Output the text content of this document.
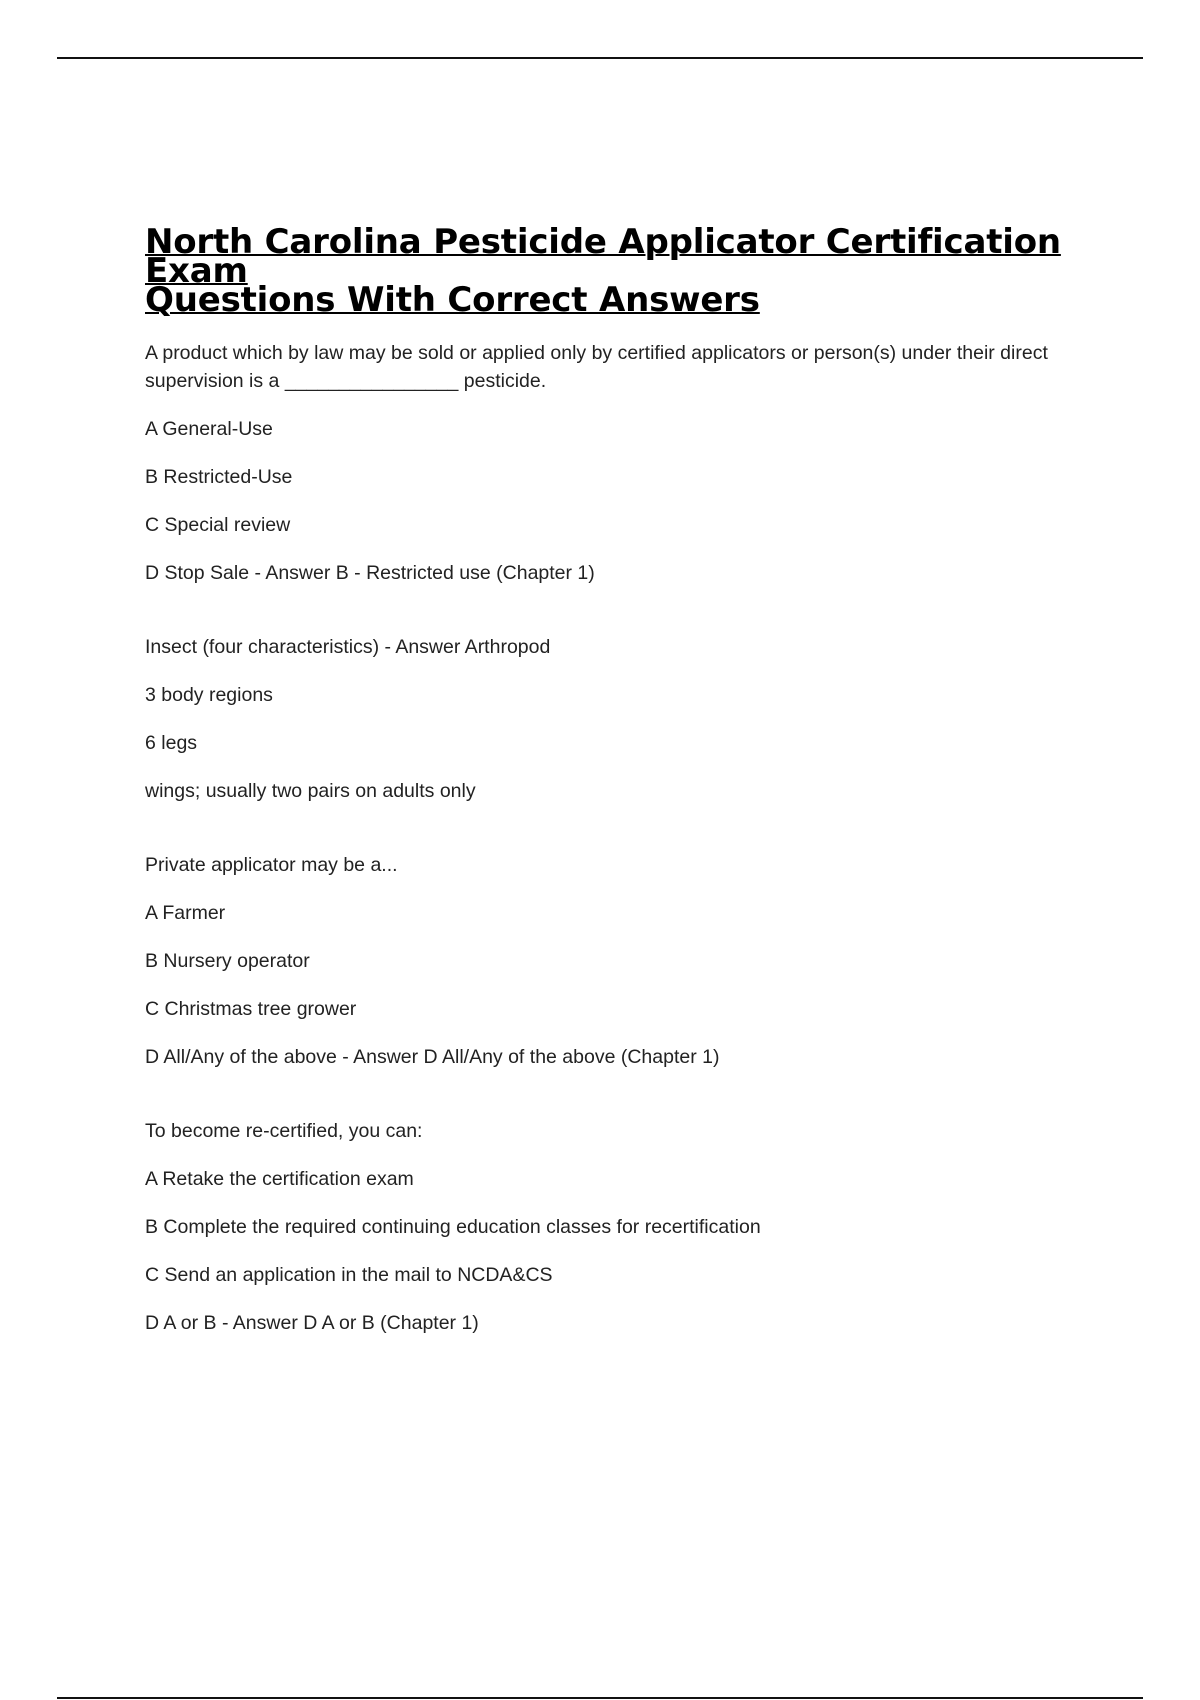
North Carolina Pesticide Applicator Certification Exam
Questions With Correct Answers

A product which by law may be sold or applied only by certified applicators or person(s) under their direct supervision is a ________________ pesticide.

A General-Use

B Restricted-Use

C Special review

D Stop Sale - Answer B - Restricted use (Chapter 1)

Insect (four characteristics) - Answer Arthropod

3 body regions

6 legs

wings; usually two pairs on adults only

Private applicator may be a...

A Farmer

B Nursery operator

C Christmas tree grower

D All/Any of the above - Answer D All/Any of the above (Chapter 1)

To become re-certified, you can:

A Retake the certification exam

B Complete the required continuing education classes for recertification

C Send an application in the mail to NCDA&CS

D A or B - Answer D A or B (Chapter 1)
